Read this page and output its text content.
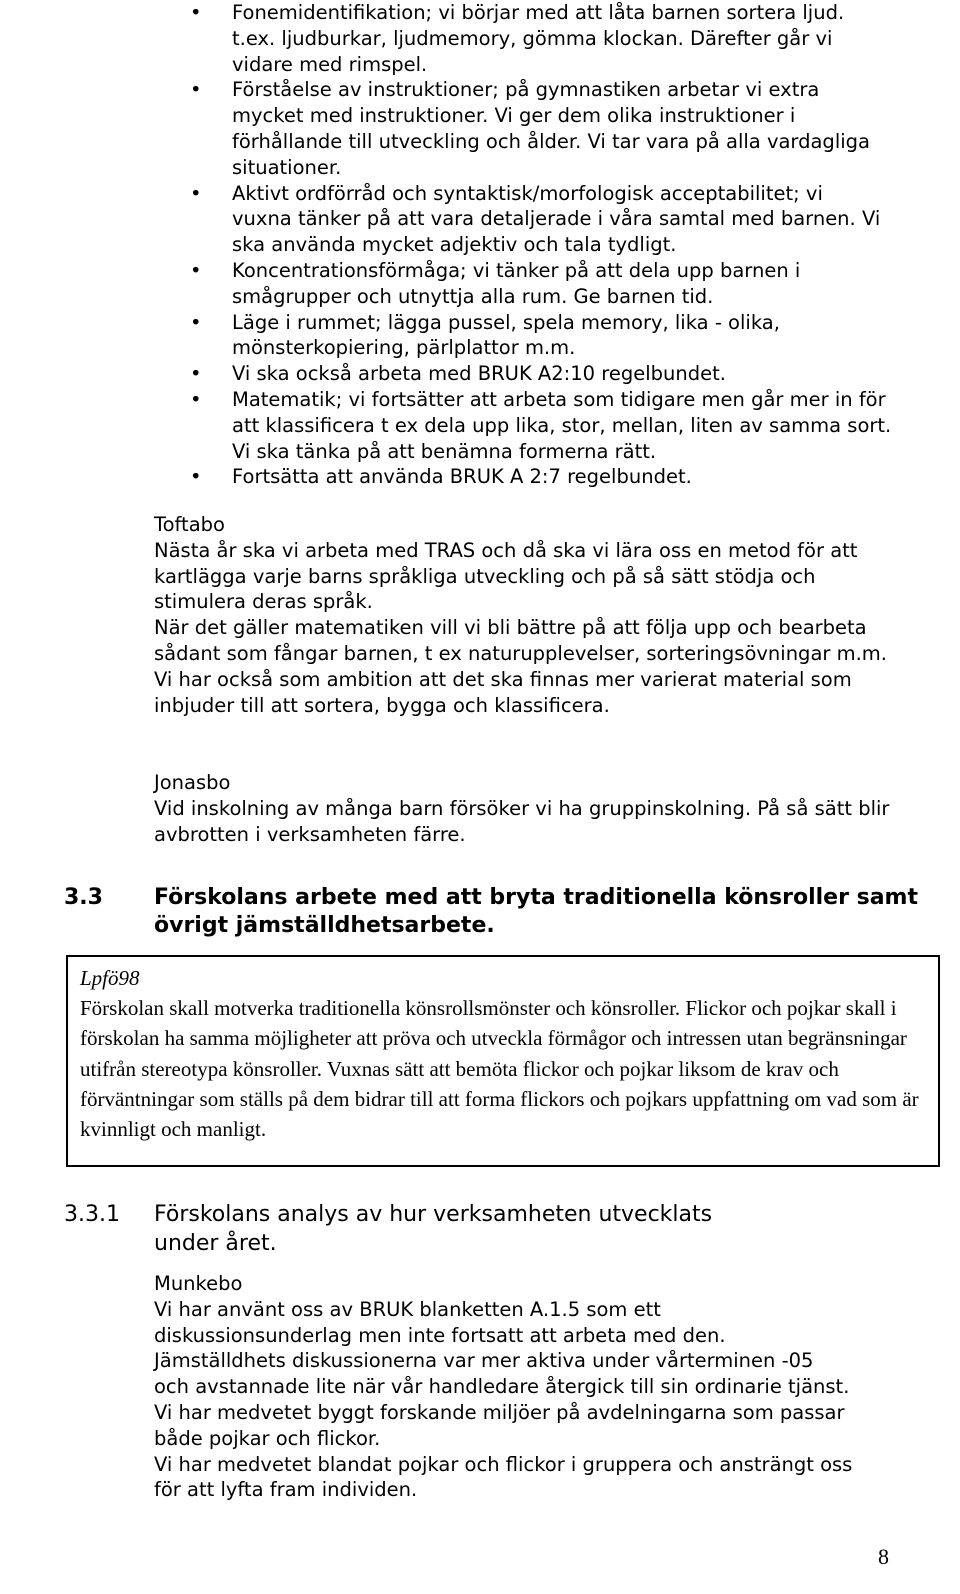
• Fonemidentifikation; vi börjar med att låta barnen sortera ljud. t.ex. ljudburkar, ljudmemory, gömma klockan. Därefter går vi vidare med rimspel.
• Förståelse av instruktioner; på gymnastiken arbetar vi extra mycket med instruktioner. Vi ger dem olika instruktioner i förhållande till utveckling och ålder. Vi tar vara på alla vardagliga situationer.
• Aktivt ordförråd och syntaktisk/morfologisk acceptabilitet; vi vuxna tänker på att vara detaljerade i våra samtal med barnen. Vi ska använda mycket adjektiv och tala tydligt.
• Koncentrationsförmåga; vi tänker på att dela upp barnen i smågrupper och utnyttja alla rum. Ge barnen tid.
• Läge i rummet; lägga pussel, spela memory, lika - olika, mönsterkopiering, pärlplattor m.m.
• Vi ska också arbeta med BRUK A2:10 regelbundet.
• Matematik; vi fortsätter att arbeta som tidigare men går mer in för att klassificera t ex dela upp lika, stor, mellan, liten av samma sort. Vi ska tänka på att benämna formerna rätt.
• Fortsätta att använda BRUK A 2:7 regelbundet.

Toftabo

Nästa år ska vi arbeta med TRAS och då ska vi lära oss en metod för att kartlägga varje barns språkliga utveckling och på så sätt stödja och stimulera deras språk.

När det gäller matematiken vill vi bli bättre på att följa upp och bearbeta sådant som fångar barnen, t ex naturupplevelser, sorteringsövningar m.m. Vi har också som ambition att det ska finnas mer varierat material som inbjuder till att sortera, bygga och klassificera.

Jonasbo

Vid inskolning av många barn försöker vi ha gruppinskolning. På så sätt blir avbrotten i verksamheten färre.

3.3	Förskolans arbete med att bryta traditionella könsroller samt övrigt jämställdhetsarbete.

Lpfö98

Förskolan skall motverka traditionella könsrollsmönster och könsroller. Flickor och pojkar skall i förskolan ha samma möjligheter att pröva och utveckla förmågor och intressen utan begränsningar utifrån stereotypa könsroller. Vuxnas sätt att bemöta flickor och pojkar liksom de krav och förväntningar som ställs på dem bidrar till att forma flickors och pojkars uppfattning om vad som är kvinnligt och manligt.

3.3.1	Förskolans analys av hur verksamheten utvecklats under året.

Munkebo

Vi har använt oss av BRUK blanketten A.1.5 som ett diskussionsunderlag men inte fortsatt att arbeta med den.

Jämställdhets diskussionerna var mer aktiva under vårterminen -05 och avstannade lite när vår handledare återgick till sin ordinarie tjänst.

Vi har medvetet byggt forskande miljöer på avdelningarna som passar både pojkar och flickor.

Vi har medvetet blandat pojkar och flickor i gruppera och ansträngt oss för att lyfta fram individen.

8
